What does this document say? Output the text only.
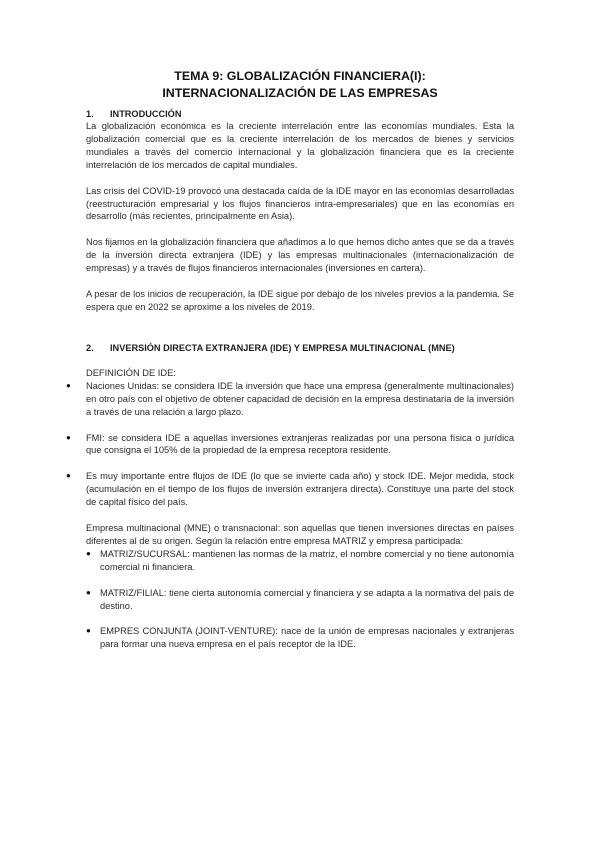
TEMA 9: GLOBALIZACIÓN FINANCIERA(I):
INTERNACIONALIZACIÓN DE LAS EMPRESAS
1.	INTRODUCCIÓN

La globalización económica es la creciente interrelación entre las economías mundiales. Esta la globalización comercial que es la creciente interrelación de los mercados de bienes y servicios mundiales a través del comercio internacional y la globalización financiera que es la creciente interrelación de los mercados de capital mundiales.

Las crisis del COVID-19 provocó una destacada caída de la IDE mayor en las economías desarrolladas (reestructuración empresarial y los flujos financieros intra-empresariales) que en las economías en desarrollo (más recientes, principalmente en Asia).

Nos fijamos en la globalización financiera que añadimos a lo que hemos dicho antes que se da a través de la inversión directa extranjera (IDE) y las empresas multinacionales (internacionalización de empresas) y a través de flujos financieros internacionales (inversiones en cartera).

A pesar de los inicios de recuperación, la IDE sigue por debajo de los niveles previos a la pandemia. Se espera que en 2022 se aproxime a los niveles de 2019.

2.	INVERSIÓN DIRECTA EXTRANJERA (IDE) Y EMPRESA MULTINACIONAL (MNE)

DEFINICIÓN DE IDE:

● Naciones Unidas: se considera IDE la inversión que hace una empresa (generalmente multinacionales) en otro país con el objetivo de obtener capacidad de decisión en la empresa destinataria de la inversión a través de una relación a largo plazo.
● FMI: se considera IDE a aquellas inversiones extranjeras realizadas por una persona física o jurídica que consigna el 105% de la propiedad de la empresa receptora residente.
● Es muy importante entre flujos de IDE (lo que se invierte cada año) y stock IDE. Mejor medida, stock (acumulación en el tiempo de los flujos de inversión extranjera directa). Constituye una parte del stock de capital físico del país.

Empresa multinacional (MNE) o transnacional: son aquellas que tienen inversiones directas en países diferentes al de su origen. Según la relación entre empresa MATRIZ y empresa participada:

● MATRIZ/SUCURSAL: mantienen las normas de la matriz, el nombre comercial y no tiene autonomía comercial ni financiera.
● MATRIZ/FILIAL: tiene cierta autonomía comercial y financiera y se adapta a la normativa del país de destino.
● EMPRES CONJUNTA (JOINT-VENTURE): nace de la unión de empresas nacionales y extranjeras para formar una nueva empresa en el país receptor de la IDE.
